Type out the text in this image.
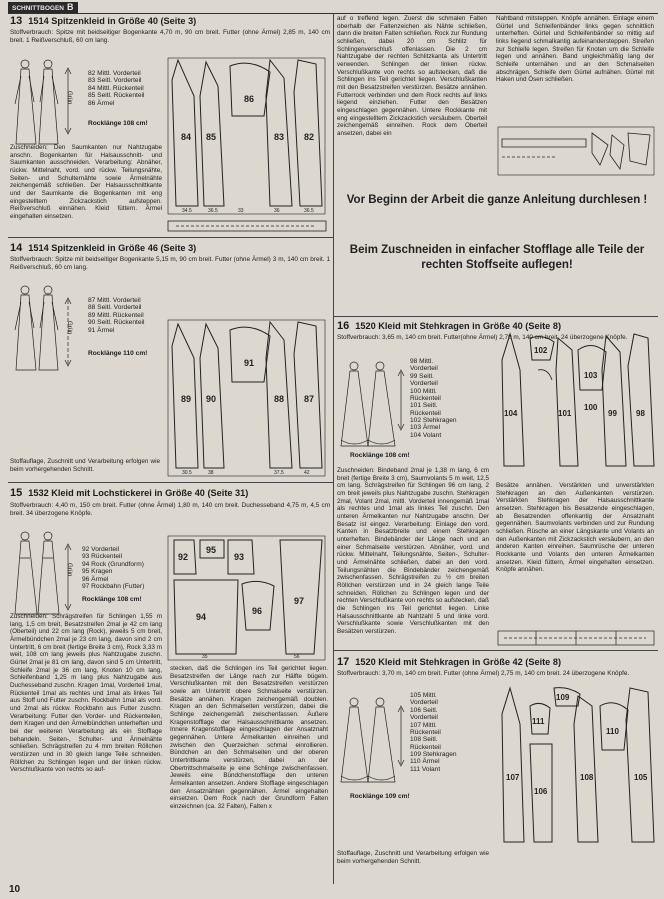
SCHNITTBOGEN B
13 1514 Spitzenkleid in Größe 40 (Seite 3)
Stoffverbrauch: Spitze mit beidseitiger Bogenkante 4,70 m, 90 cm breit. Futter (ohne Ärmel) 2,85 m, 140 cm breit. 1 Reißverschluß, 60 cm lang.
Grün
82 Mittl. Vorderteil
83 Seitl. Vorderteil
84 Mittl. Rückenteil
85 Seitl. Rückenteil
86 Ärmel
Rocklänge 108 cm!
84 85
86
83 82
34.5	36.5	33	36	36.5
Zuschneiden: Den Saumkanten nur Nahtzugabe anschn. Bogenkanten für Halsausschnitt- und Saumkanten ausschneiden. Verarbeitung: Abnäher, rückw. Mittelnaht, vord. und rückw. Teilungsnähte, Seiten- und Schulternähte sowie Ärmelnähte zeichengemäß schließen. Der Halsausschnittkante und der Saumkante die Bogenkanten mit eng eingestelltem Zickzackstich aufsteppen. Reißverschluß einnähen. Kleid füttern. Ärmel eingehalten einsetzen.
14 1514 Spitzenkleid in Größe 46 (Seite 3)
Stoffverbrauch: Spitze mit beidseitiger Bogenkante 5,15 m, 90 cm breit. Futter (ohne Ärmel) 3 m, 140 cm breit. 1 Reißverschluß, 60 cm lang.
Grün
87 Mittl. Vorderteil
88 Seitl. Vorderteil
89 Mittl. Rückenteil
90 Seitl. Rückenteil
91 Ärmel
Rocklänge 110 cm!
89 90
91
88 87
30.5	38	37.5	42
Stoffauflage, Zuschnitt und Verarbeitung erfolgen wie beim vorhergehenden Schnitt.
15 1532 Kleid mit Lochstickerei in Größe 40 (Seite 31)
Stoffverbrauch: 4,40 m, 150 cm breit. Futter (ohne Ärmel) 1,80 m, 140 cm breit. Duchesseband 4,75 m, 4,5 cm breit. 34 überzogene Knöpfe.
Grün
92 Vorderteil
93 Rückenteil
94 Rock (Grundform)
95 Kragen
96 Ärmel
97 Rockbahn (Futter)
Rocklänge 108 cm!
92
95
93
94
96
97
35	56
Zuschneiden: Schrägstreifen für Schlingen 1,55 m lang, 1,5 cm breit, Besatzstreifen 2mal je 42 cm lang (Oberteil) und 22 cm lang (Rock), jeweils 5 cm breit, Ärmelbündchen 2mal je 23 cm lang, davon sind 2 cm Untertritt, 6 cm breit (fertige Breite 3 cm), Rock 3,33 m weit, 108 cm lang jeweils plus Nahtzugabe zuschn. Gürtel 2mal je 81 cm lang, davon sind 5 cm Untertritt, Schleife 2mal je 36 cm lang, Knoten 10 cm lang, Schleifenband 1,25 m lang plus Nahtzugabe aus Duchesseband zuschn. Kragen 1mal, Vorderteil 1mal, Rückenteil 1mal als rechtes und 1mal als linkes Teil aus Stoff und Futter zuschn. Rockbahn 1mal als vord. und 2mal als rückw. Rockbahn aus Futter zuschn. Verarbeitung: Futter den Vorder- und Rückenteilen, dem Kragen und den Ärmelbündchen unterheften und bei der weiteren Verarbeitung als ein Stofflage behandeln. Seiten-, Schulter- und Ärmelnähte schließen. Schrägstreifen zu 4 mm breiten Röllchen verstürzen und in 30 gleich lange Teile schneiden. Röllchen zu Schlingen legen und der linken rückw. Verschlußkante von rechts so auf-
stecken, daß die Schlingen ins Teil gerichtet liegen. Besatzstreifen der Länge nach zur Hälfte bügeln. Verschlußkanten mit den Besatzstreifen verstürzen sowie am Untertritt obere Schmalseite verstürzen. Besätze annähen. Kragen zeichengemäß doublen. Kragen an den Schmalseiten verstürzen, dabei die Schlinge zeichengemäß zwischenfassen. Äußere Kragenstofflage der Halsausschnittkante ansetzen. Innere Kragenstofflage eingeschlagen der Ansatznaht gegennähen. Untere Ärmelkanten einreihen und zwischen den Querzeichen schmal einrollieren. Bündchen an den Schmalseiten und der oberen Untertrittkante verstürzen, dabei an der Obertrittschmalseite je eine Schlinge zwischenfassen. Jeweils eine Bündchenstofflage den unteren Ärmelkanten ansetzen. Andere Stofflage eingeschlagen den Ansatznähten gegennähen. Ärmel eingehalten einsetzen. Dem Rock nach der Grundform Falten einzeichnen (ca. 32 Falten), Falten x
auf o treffend legen. Zuerst die schmalen Falten oberhalb der Faltenzeichen als Nähte schließen, dann die breiten Falten schließen. Rock zur Rundung schließen, dabei 20 cm Schlitz für Schlingenverschluß offenlassen. Die 2 cm Nahtzugabe der rechten Schlitzkanta als Untertritt verwenden. Schlingen der linken rückw. Verschlußkante von rechts so aufstecken, daß die Schlingen ins Teil gerichtet liegen. Verschlußkanten mit den Besatzstreifen verstürzen. Besätze annähen. Futterrock verbinden und dem Rock rechts auf links liegend einziehen. Futter den Besätzen eingeschlagen gegennähen. Untere Rockkante mit eng eingestelltem Zickzackstich versäubern. Oberteil zeichengemäß einreihen. Rock dem Oberteil ansetzen, dabei ein
Nahtband mitsteppen. Knöpfe annähen. Einlage einem Gürtel und Schleifenbänder links gegen schnittlich unterheften. Gürtel und Schleifenbänder so mittig auf links liegend schmalkantig aufeinandersteppen. Streifen zur Schleife legen. Streifen für Knoten um die Schleife legen und annähen. Band ungleichmäßig lang der Schleife unternähen und an den Schmalseiten abschrägen. Schleife dem Gürtel aufnähen. Gürtel mit Haken und Ösen schließen.
Vor Beginn der Arbeit die ganze Anleitung durchlesen !
Beim Zuschneiden in einfacher Stofflage alle Teile der rechten Stoffseite auflegen!
16 1520 Kleid mit Stehkragen in Größe 40 (Seite 8)
Stoffverbrauch: 3,65 m, 140 cm breit. Futter(ohne Ärmel) 2,70 m, 140 cm breit. 24 überzogene Knöpfe.
98 Mittl.
Vorderteil
99 Seitl.
Vorderteil
100 Mittl.
Rückenteil
101 Seitl.
Rückenteil
102 Stehkragen
103 Ärmel
104 Volant
Rocklänge 108 cm!
104
102
101
100
103
99 98
Zuschneiden: Bindeband 2mal je 1,38 m lang, 6 cm breit (fertige Breite 3 cm), Saumvolants 5 m weit, 12,5 cm lang. Schrägstreifen für Schlingen 96 cm lang, 2 cm breit jeweils plus Nahtzugabe zuschn. Stehkragen 2mal, Volant 2mal, mittl. Vorderteil innengemäß 1mal als rechtes und 1mal als linkes Teil zuschn. Den unteren Ärmelkanten nur Nahtzugabe anschn. Der Besatz ist eingez. Verarbeitung: Einlage den vord. Kanten in Besatzbreite und einem Stehkragen unterheften. Bindebänder der Länge nach und an einer Schmalseite verstürzen. Abnäher, vord. und rückw. Mittelnaht, Teilungsnähte, Seiten-, Schulter- und Ärmelnähte schließen, dabei an den vord. Teilungsnähten die Bindebänder zeichengemäß zwischenfassen. Schrägstreifen zu ½ cm breiten Röllchen verstürzen und in 24 gleich lange Teile schneiden. Röllchen zu Schlingen legen und der rechten Verschlußkante von rechts so aufstecken, daß die Schlingen ins Teil gerichtet liegen. Linke Halsausschnittkante ab Nahtzahl 5 und linke vord. Verschlußkante sowie Verschlußkanten mit den Besätzen verstürzen.
Besätze annähen. Verstärkten und unverstärkten Stehkragen an den Außenkanten verstürzen. Verstärkten Stehkragen der Halsausschnittkante ansetzen. Stehkragen bis Besatzende eingeschlagen, ab Besatzenden offenkantig der Ansatznaht gegennähen. Saumvolants verbinden und zur Rundung schließen. Rüsche an einer Längskante und Volants an den Außenkanten mit Zickzackstich versäubern, an den anderen Kanten einreihen. Saumrüsche der unteren Rockkante und Volants den unteren Ärmelkanten ansetzen. Kleid füttern, Ärmel eingehalten einsetzen. Knöpfe annähen.
17 1520 Kleid mit Stehkragen in Größe 42 (Seite 8)
Stoffverbrauch: 3,70 m, 140 cm breit. Futter (ohne Ärmel) 2,75 m, 140 cm breit. 24 überzogene Knöpfe.
105 Mittl.
Vorderteil
106 Seitl.
Vorderteil
107 Mittl.
Rückenteil
108 Seitl.
Rückenteil
109 Stehkragen
110 Ärmel
111 Volant
Rocklänge 109 cm!
107
111
109
108
110
106
105
Stoffauflage, Zuschnitt und Verarbeitung erfolgen wie beim vorhergehenden Schnitt.
10
